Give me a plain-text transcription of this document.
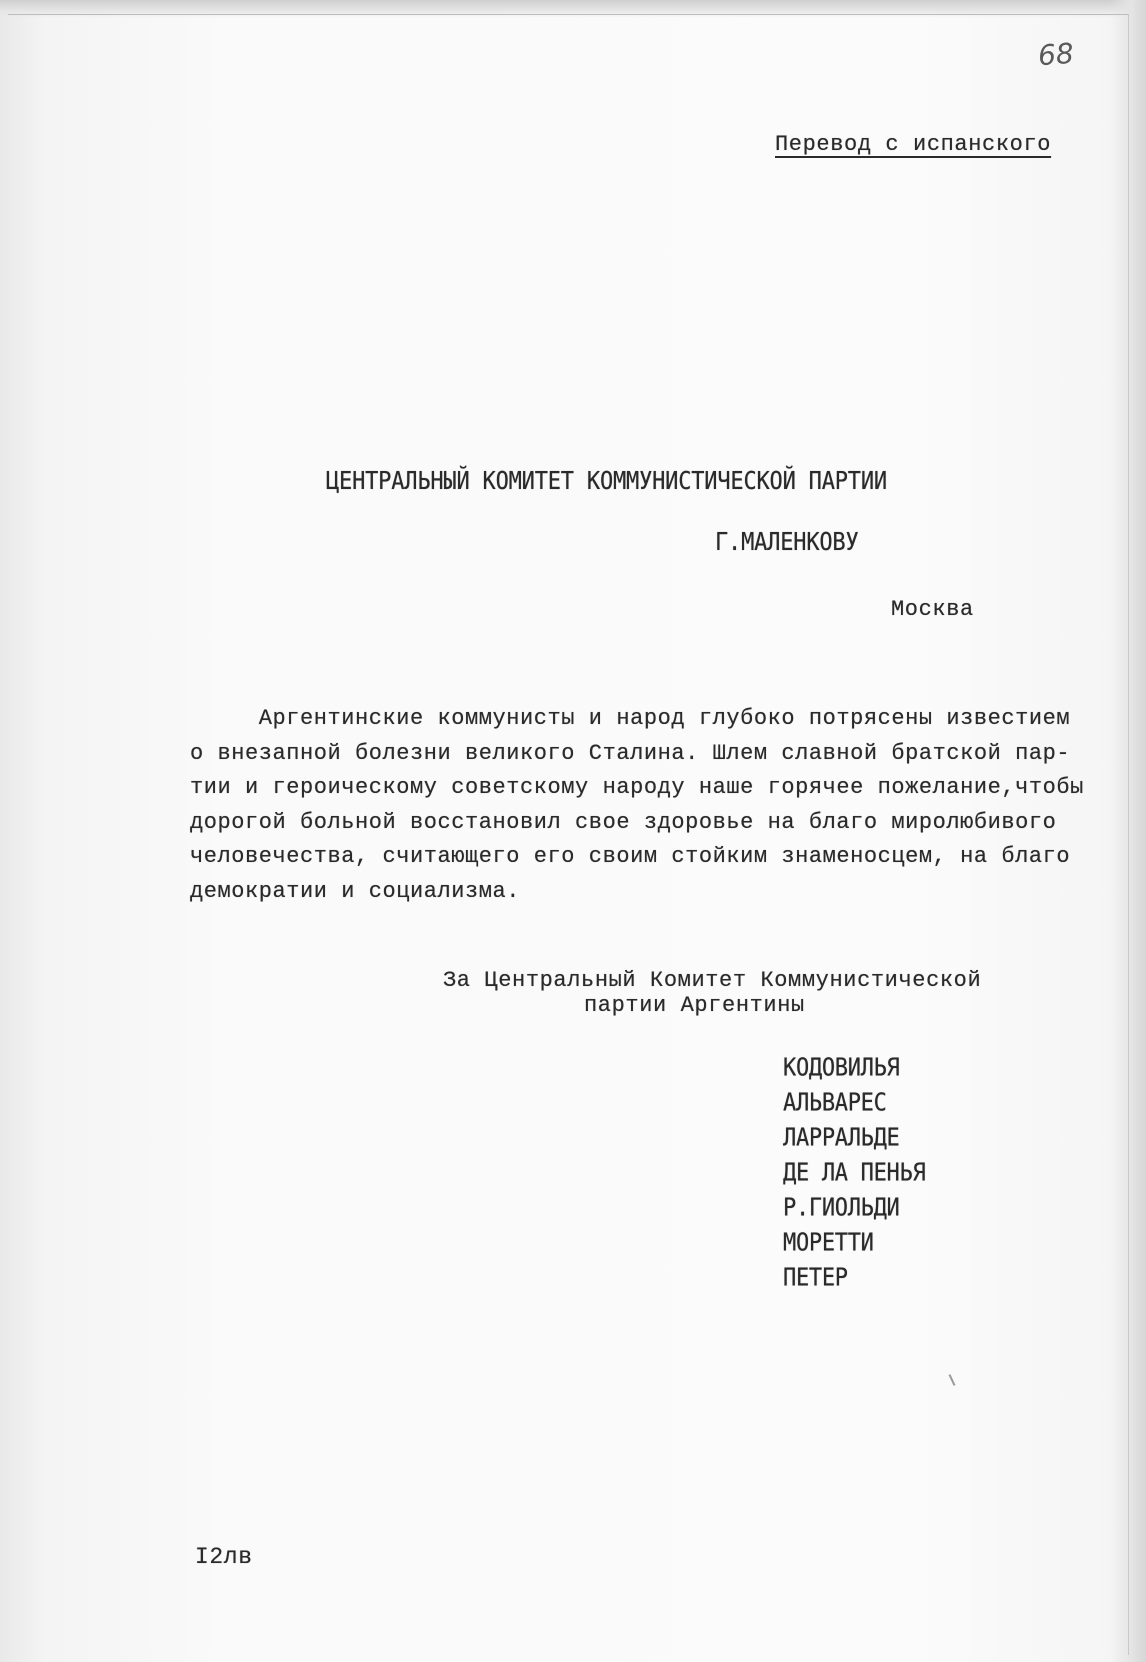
68
Перевод с испанского
ЦЕНТРАЛЬНЫЙ КОМИТЕТ КОММУНИСТИЧЕСКОЙ ПАРТИИ
Г.МАЛЕНКОВУ
Москва
Аргентинские коммунисты и народ глубоко потрясены известием
о внезапной болезни великого Сталина. Шлем славной братской пар-
тии и героическому советскому народу наше горячее пожелание,чтобы
дорогой больной восстановил свое здоровье на благо миролюбивого
человечества, считающего его своим стойким знаменосцем, на благо
демократии и социализма.
За Центральный Комитет Коммунистической
партии Аргентины
КОДОВИЛЬЯ
АЛЬВАРЕС
ЛАРРАЛЬДЕ
ДЕ ЛА ПЕНЬЯ
Р.ГИОЛЬДИ
МОРЕТТИ
ПЕТЕР
I2лв
